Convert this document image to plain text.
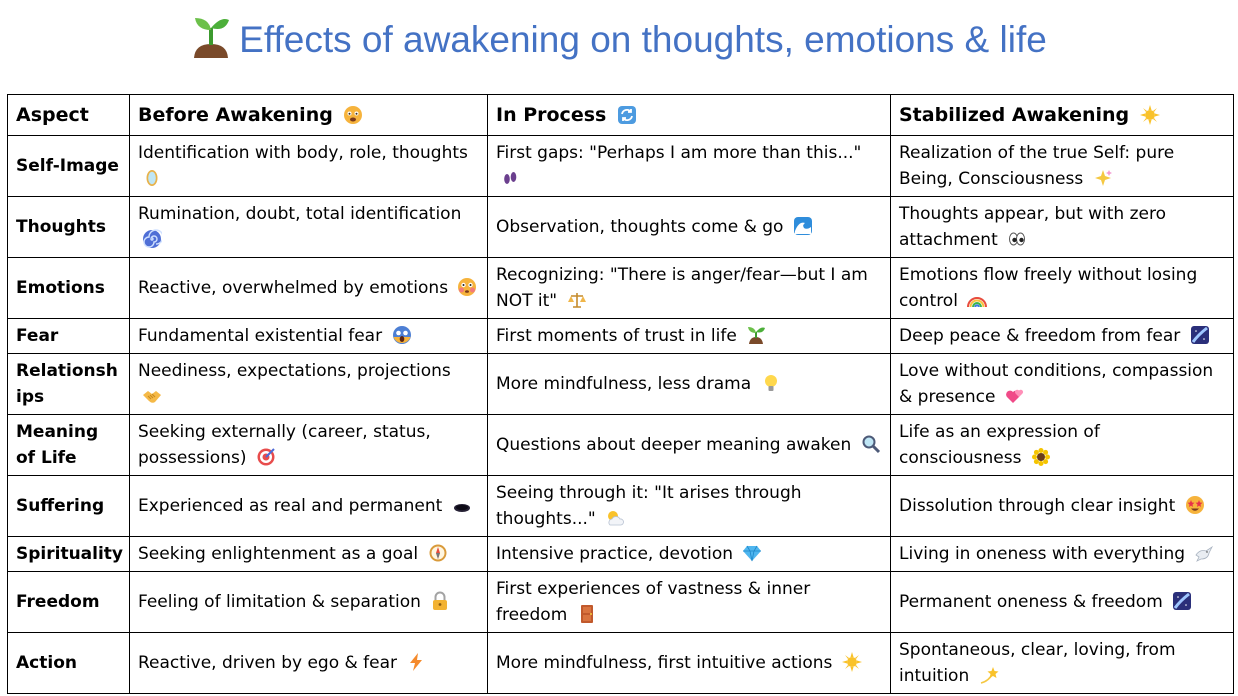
Effects of awakening on thoughts, emotions & life
Aspect	Before Awakening	In Process	Stabilized Awakening

Self-Image	Identification with body, role, thoughts	First gaps: "Perhaps I am more than this..."	Realization of the true Self: pure Being, Consciousness

Thoughts	Rumination, doubt, total identification	Observation, thoughts come & go	Thoughts appear, but with zero attachment

Emotions	Reactive, overwhelmed by emotions	Recognizing: "There is anger/fear—but I am NOT it"	Emotions flow freely without losing control

Fear	Fundamental existential fear	First moments of trust in life	Deep peace & freedom from fear

Relationships	Neediness, expectations, projections	More mindfulness, less drama	Love without conditions, compassion & presence

Meaning of Life	Seeking externally (career, status, possessions)	Questions about deeper meaning awaken	Life as an expression of consciousness

Suffering	Experienced as real and permanent	Seeing through it: "It arises through thoughts..."	Dissolution through clear insight

Spirituality	Seeking enlightenment as a goal	Intensive practice, devotion	Living in oneness with everything

Freedom	Feeling of limitation & separation	First experiences of vastness & inner freedom	Permanent oneness & freedom

Action	Reactive, driven by ego & fear	More mindfulness, first intuitive actions	Spontaneous, clear, loving, from intuition
